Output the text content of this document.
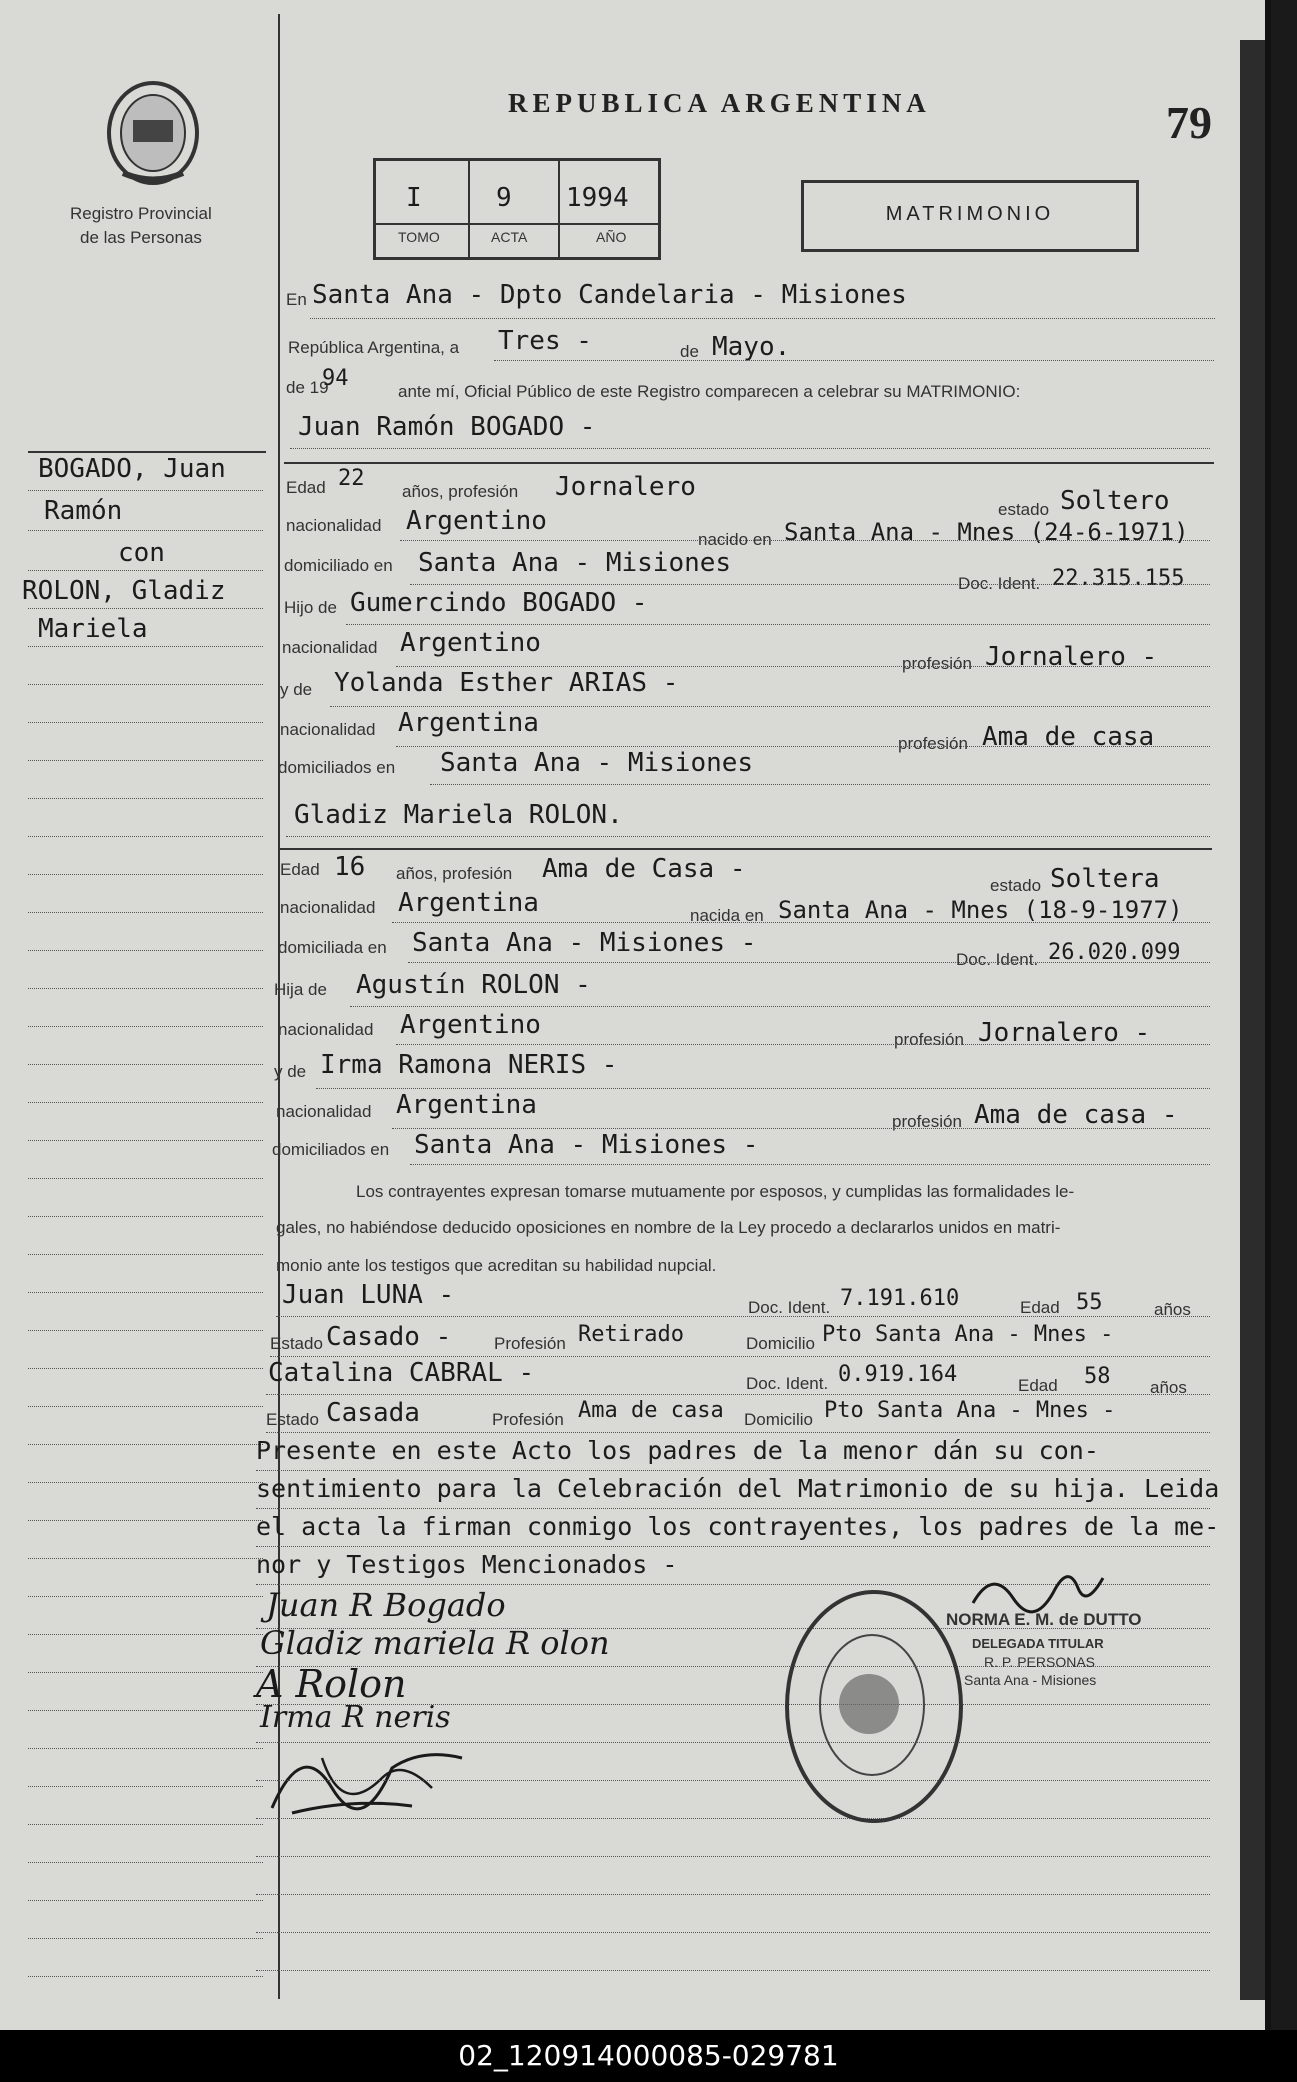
Registro Provincial
de las Personas
REPUBLICA ARGENTINA	79
I	9 1994
TOMO	ACTA	AÑO
MATRIMONIO
BOGADO, Juan
Ramón
con
ROLON, Gladiz
Mariela
En Santa Ana - Dpto Candelaria - Misiones
República Argentina, a Tres -	de Mayo.
de 19
94
ante mí, Oficial Público de este Registro comparecen a celebrar su MATRIMONIO:
Juan Ramón BOGADO -
Edad 22
años, profesión Jornalero
estado Soltero
nacionalidad Argentino
nacido en Santa Ana - Mnes (24-6-1971)
domiciliado en Santa Ana - Misiones
Doc. Ident. 22.315.155
Hijo de Gumercindo BOGADO -
nacionalidad Argentino
profesión Jornalero -
y de Yolanda Esther ARIAS -
nacionalidad Argentina
profesión Ama de casa
domiciliados en Santa Ana - Misiones
Gladiz Mariela ROLON.
Edad 16 años, profesión Ama de Casa -
estado Soltera
nacionalidad Argentina	nacida en Santa Ana - Mnes (18-9-1977)
domiciliada en Santa Ana - Misiones -
Doc. Ident. 26.020.099
Hija de Agustín ROLON -
nacionalidad Argentino	profesión Jornalero -
y de Irma Ramona NERIS -
nacionalidad Argentina
profesión Ama de casa -
domiciliados en Santa Ana - Misiones -
Los contrayentes expresan tomarse mutuamente por esposos, y cumplidas las formalidades le-
gales, no habiéndose deducido oposiciones en nombre de la Ley procedo a declararlos unidos en matri-
monio ante los testigos que acreditan su habilidad nupcial.
Juan LUNA -	Doc. Ident. 7.191.610	Edad 55	años
Estado Casado -	Profesión Retirado	Domicilio Pto Santa Ana - Mnes -
Catalina CABRAL -	Doc. Ident. 0.919.164	Edad 58 años
Estado Casada	Profesión Ama de casa Domicilio Pto Santa Ana - Mnes -
Presente en este Acto los padres de la menor dán su con-
sentimiento para la Celebración del Matrimonio de su hija. Leida
el acta la firman conmigo los contrayentes, los padres de la me-
nor y Testigos Mencionados -
Juan R Bogado
Gladiz mariela R olon
A Rolon
Irma R neris
NORMA E. M. de DUTTO
DELEGADA TITULAR
R. P. PERSONAS
Santa Ana - Misiones
02_120914000085-029781
